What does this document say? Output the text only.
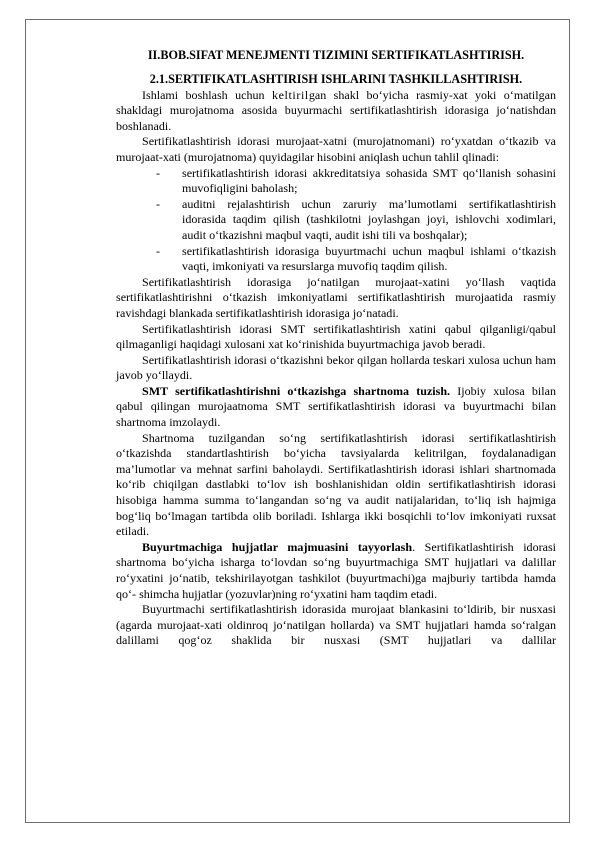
II.BOB.SIFAT MENEJMENTI TIZIMINI SERTIFIKATLASHTIRISH.
2.1.SERTIFIKATLASHTIRISH ISHLARINI TASHKILLASHTIRISH.

Ishlami boshlash uchun keltirilgan shakl bo‘yicha rasmiy-xat yoki o‘matilgan shakldagi murojatnoma asosida buyurmachi sertifikatlashtirish idorasiga jo‘natishdan boshlanadi.

Sertifikatlashtirish idorasi murojaat-xatni (murojatnomani) ro‘yxatdan o‘tkazib va murojaat-xati (murojatnoma) quyidagilar hisobini aniqlash uchun tahlil qlinadi:

- sertifikatlashtirish idorasi akkreditatsiya sohasida SMT qo‘llanish sohasini muvofiqligini baholash;
- auditni rejalashtirish uchun zaruriy ma’lumotlami sertifikatlashtirish idorasida taqdim qilish (tashkilotni joylashgan joyi, ishlovchi xodimlari, audit o‘tkazishni maqbul vaqti, audit ishi tili va boshqalar);
- sertifikatlashtirish idorasiga buyurtmachi uchun maqbul ishlami o‘tkazish vaqti, imkoniyati va resurslarga muvofiq taqdim qilish.

Sertifikatlashtirish idorasiga jo‘natilgan murojaat-xatini yo‘llash vaqtida sertifikatlashtirishni o‘tkazish imkoniyatlami sertifikatlashtirish murojaatida rasmiy ravishdagi blankada sertifikatlashtirish idorasiga jo‘natadi.

Sertifikatlashtirish idorasi SMT sertifikatlashtirish xatini qabul qilganligi/qabul qilmaganligi haqidagi xulosani xat ko‘rinishida buyurtmachiga javob beradi.

Sertifikatlashtirish idorasi o‘tkazishni bekor qilgan hollarda teskari xulosa uchun ham javob yo‘llaydi.

SMT sertifikatlashtirishni o‘tkazishga shartnoma tuzish. Ijobiy xulosa bilan qabul qilingan murojaatnoma SMT sertifikatlashtirish idorasi va buyurtmachi bilan shartnoma imzolaydi.

Shartnoma tuzilgandan so‘ng sertifikatlashtirish idorasi sertifikatlashtirish o‘tkazishda standartlashtirish bo‘yicha tavsiyalarda kelitrilgan, foydalanadigan ma’lumotlar va mehnat sarfini baholaydi. Sertifikatlashtirish idorasi ishlari shartnomada ko‘rib chiqilgan dastlabki to‘lov ish boshlanishidan oldin sertifikatlashtirish idorasi hisobiga hamma summa to‘langandan so‘ng va audit natijalaridan, to‘liq ish hajmiga bog‘liq bo‘lmagan tartibda olib boriladi. Ishlarga ikki bosqichli to‘lov imkoniyati ruxsat etiladi.

Buyurtmachiga hujjatlar majmuasini tayyorlash. Sertifikatlashtirish idorasi shartnoma bo‘yicha isharga to‘lovdan so‘ng buyurtmachiga SMT hujjatlari va dalillar ro‘yxatini jo‘natib, tekshirilayotgan tashkilot (buyurtmachi)ga majburiy tartibda hamda qo‘- shimcha hujjatlar (yozuvlar)ning ro‘yxatini ham taqdim etadi.

Buyurtmachi sertifikatlashtirish idorasida murojaat blankasini to‘ldirib, bir nusxasi (agarda murojaat-xati oldinroq jo‘natilgan hollarda) va SMT hujjatlari hamda so‘ralgan dalillami qog‘oz shaklida bir nusxasi (SMT hujjatlari va dallilar
